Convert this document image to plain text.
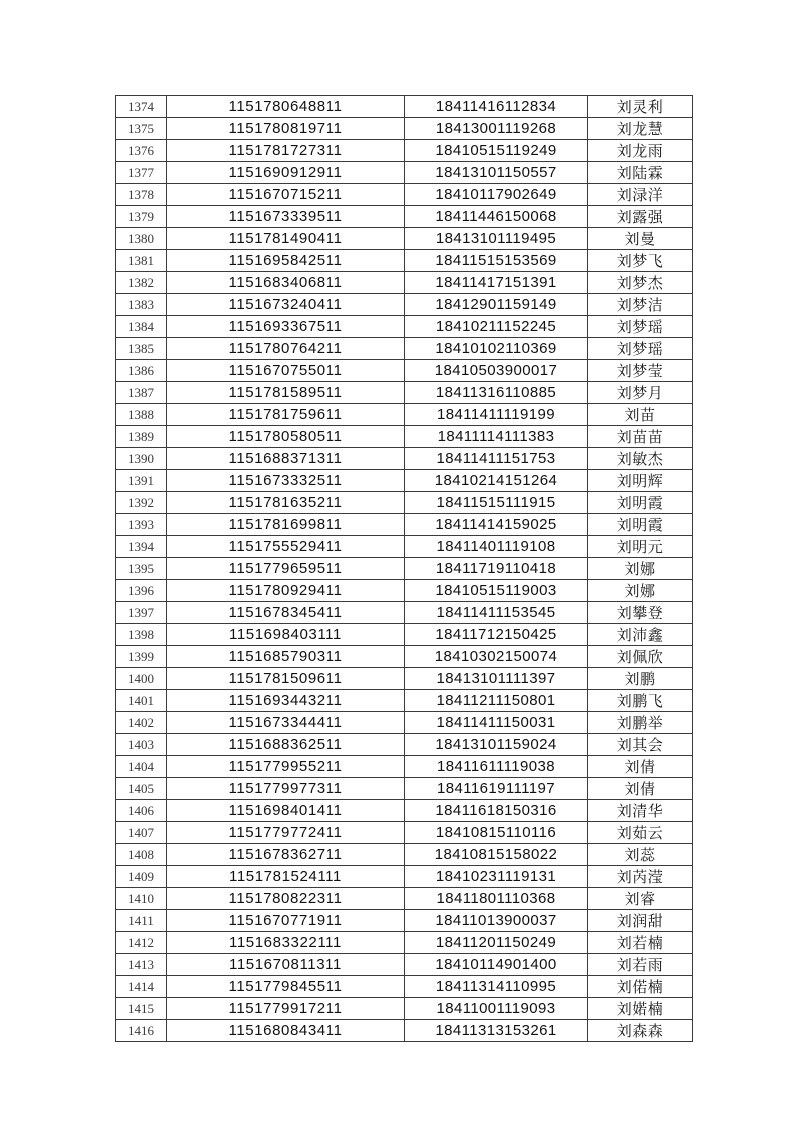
1374	1151780648811	18411416112834	刘灵利
1375	1151780819711	18413001119268	刘龙慧
1376	1151781727311	18410515119249	刘龙雨
1377	1151690912911	18413101150557	刘陆霖
1378	1151670715211	18410117902649	刘渌洋
1379	1151673339511	18411446150068	刘露强
1380	1151781490411	18413101119495	刘曼
1381	1151695842511	18411515153569	刘梦飞
1382	1151683406811	18411417151391	刘梦杰
1383	1151673240411	18412901159149	刘梦洁
1384	1151693367511	18410211152245	刘梦瑶
1385	1151780764211	18410102110369	刘梦瑶
1386	1151670755011	18410503900017	刘梦莹
1387	1151781589511	18411316110885	刘梦月
1388	1151781759611	18411411119199	刘苗
1389	1151780580511	18411114111383	刘苗苗
1390	1151688371311	18411411151753	刘敏杰
1391	1151673332511	18410214151264	刘明辉
1392	1151781635211	18411515111915	刘明霞
1393	1151781699811	18411414159025	刘明霞
1394	1151755529411	18411401119108	刘明元
1395	1151779659511	18411719110418	刘娜
1396	1151780929411	18410515119003	刘娜
1397	1151678345411	18411411153545	刘攀登
1398	1151698403111	18411712150425	刘沛鑫
1399	1151685790311	18410302150074	刘佩欣
1400	1151781509611	18413101111397	刘鹏
1401	1151693443211	18411211150801	刘鹏飞
1402	1151673344411	18411411150031	刘鹏举
1403	1151688362511	18413101159024	刘其会
1404	1151779955211	18411611119038	刘倩
1405	1151779977311	18411619111197	刘倩
1406	1151698401411	18411618150316	刘清华
1407	1151779772411	18410815110116	刘茹云
1408	1151678362711	18410815158022	刘蕊
1409	1151781524111	18410231119131	刘芮滢
1410	1151780822311	18411801110368	刘睿
1411	1151670771911	18411013900037	刘润甜
1412	1151683322111	18411201150249	刘若楠
1413	1151670811311	18410114901400	刘若雨
1414	1151779845511	18411314110995	刘偌楠
1415	1151779917211	18411001119093	刘婼楠
1416	1151680843411	18411313153261	刘森森
